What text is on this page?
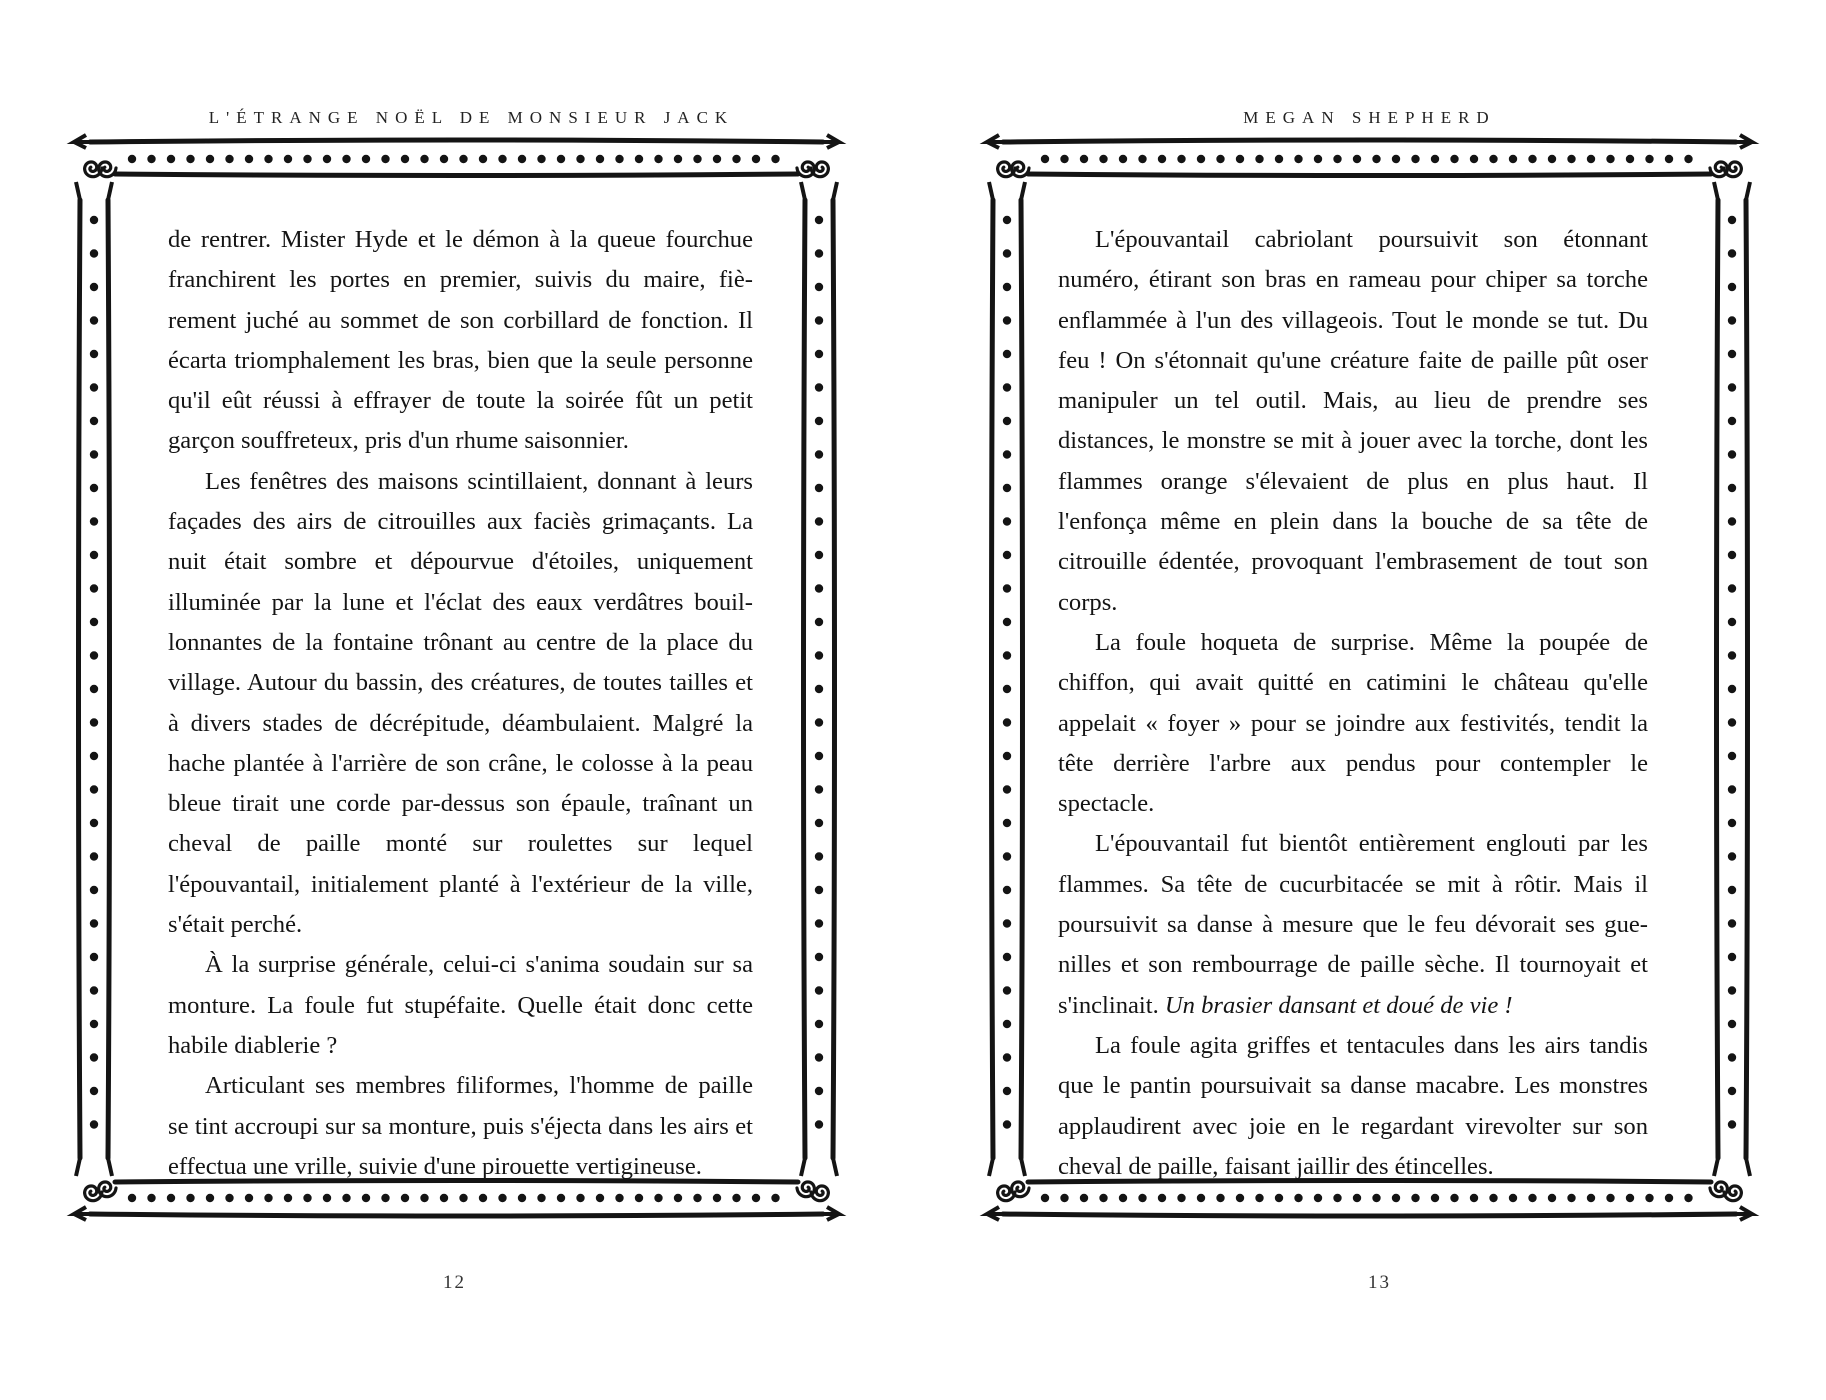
L'ÉTRANGE NOËL DE MONSIEUR JACK

de rentrer. Mister Hyde et le démon à la queue fourchue franchirent les portes en premier, suivis du maire, fièrement juché au sommet de son corbillard de fonction. Il écarta triomphalement les bras, bien que la seule personne qu'il eût réussi à effrayer de toute la soirée fût un petit garçon souffreteux, pris d'un rhume saisonnier.

Les fenêtres des maisons scintillaient, donnant à leurs façades des airs de citrouilles aux faciès grimaçants. La nuit était sombre et dépourvue d'étoiles, uniquement illuminée par la lune et l'éclat des eaux verdâtres bouillonnantes de la fontaine trônant au centre de la place du village. Autour du bassin, des créatures, de toutes tailles et à divers stades de décrépitude, déambulaient. Malgré la hache plantée à l'arrière de son crâne, le colosse à la peau bleue tirait une corde par-dessus son épaule, traînant un cheval de paille monté sur roulettes sur lequel l'épouvantail, initialement planté à l'extérieur de la ville, s'était perché.

À la surprise générale, celui-ci s'anima soudain sur sa monture. La foule fut stupéfaite. Quelle était donc cette habile diablerie ?

Articulant ses membres filiformes, l'homme de paille se tint accroupi sur sa monture, puis s'éjecta dans les airs et effectua une vrille, suivie d'une pirouette vertigineuse.

12
MEGAN SHEPHERD

L'épouvantail cabriolant poursuivit son étonnant numéro, étirant son bras en rameau pour chiper sa torche enflammée à l'un des villageois. Tout le monde se tut. Du feu ! On s'étonnait qu'une créature faite de paille pût oser manipuler un tel outil. Mais, au lieu de prendre ses distances, le monstre se mit à jouer avec la torche, dont les flammes orange s'élevaient de plus en plus haut. Il l'enfonça même en plein dans la bouche de sa tête de citrouille édentée, provoquant l'embrasement de tout son corps.

La foule hoqueta de surprise. Même la poupée de chiffon, qui avait quitté en catimini le château qu'elle appelait « foyer » pour se joindre aux festivités, tendit la tête derrière l'arbre aux pendus pour contempler le spectacle.

L'épouvantail fut bientôt entièrement englouti par les flammes. Sa tête de cucurbitacée se mit à rôtir. Mais il poursuivit sa danse à mesure que le feu dévorait ses guenilles et son rembourrage de paille sèche. Il tournoyait et s'inclinait. Un brasier dansant et doué de vie !

La foule agita griffes et tentacules dans les airs tandis que le pantin poursuivait sa danse macabre. Les monstres applaudirent avec joie en le regardant virevolter sur son cheval de paille, faisant jaillir des étincelles.

13
